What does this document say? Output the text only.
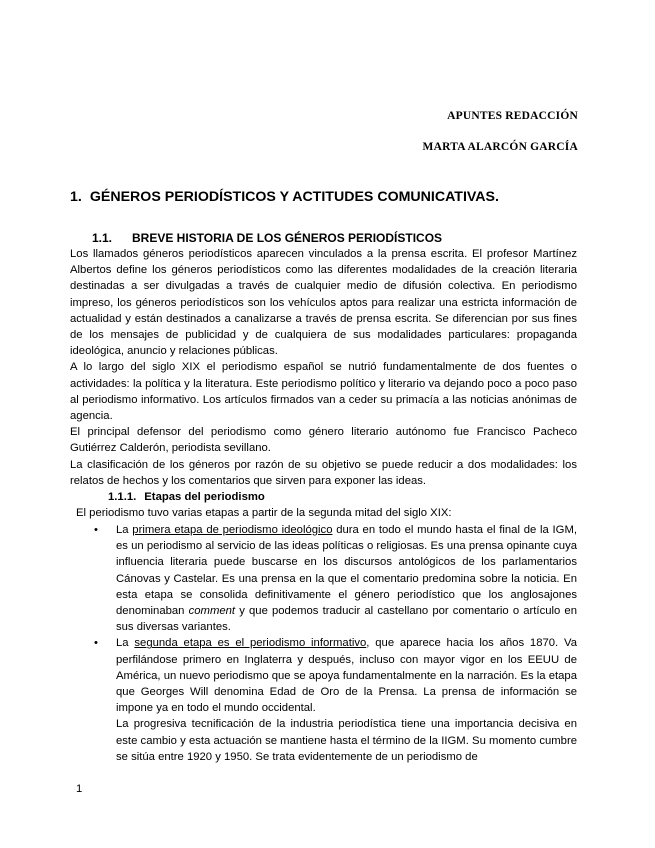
APUNTES REDACCIÓN
MARTA ALARCÓN GARCÍA
1. GÉNEROS PERIODÍSTICOS Y ACTITUDES COMUNICATIVAS.
1.1. BREVE HISTORIA DE LOS GÉNEROS PERIODÍSTICOS

Los llamados géneros periodísticos aparecen vinculados a la prensa escrita. El profesor Martínez Albertos define los géneros periodísticos como las diferentes modalidades de la creación literaria destinadas a ser divulgadas a través de cualquier medio de difusión colectiva. En periodismo impreso, los géneros periodísticos son los vehículos aptos para realizar una estricta información de actualidad y están destinados a canalizarse a través de prensa escrita. Se diferencian por sus fines de los mensajes de publicidad y de cualquiera de sus modalidades particulares: propaganda ideológica, anuncio y relaciones públicas.

A lo largo del siglo XIX el periodismo español se nutrió fundamentalmente de dos fuentes o actividades: la política y la literatura. Este periodismo político y literario va dejando poco a poco paso al periodismo informativo. Los artículos firmados van a ceder su primacía a las noticias anónimas de agencia.

El principal defensor del periodismo como género literario autónomo fue Francisco Pacheco Gutiérrez Calderón, periodista sevillano.

La clasificación de los géneros por razón de su objetivo se puede reducir a dos modalidades: los relatos de hechos y los comentarios que sirven para exponer las ideas.

1.1.1. Etapas del periodismo
El periodismo tuvo varias etapas a partir de la segunda mitad del siglo XIX:
• La primera etapa de periodismo ideológico dura en todo el mundo hasta el final de la IGM, es un periodismo al servicio de las ideas políticas o religiosas. Es una prensa opinante cuya influencia literaria puede buscarse en los discursos antológicos de los parlamentarios Cánovas y Castelar. Es una prensa en la que el comentario predomina sobre la noticia. En esta etapa se consolida definitivamente el género periodístico que los anglosajones denominaban comment y que podemos traducir al castellano por comentario o artículo en sus diversas variantes.
• La segunda etapa es el periodismo informativo, que aparece hacia los años 1870. Va perfilándose primero en Inglaterra y después, incluso con mayor vigor en los EEUU de América, un nuevo periodismo que se apoya fundamentalmente en la narración. Es la etapa que Georges Will denomina Edad de Oro de la Prensa. La prensa de información se impone ya en todo el mundo occidental.
La progresiva tecnificación de la industria periodística tiene una importancia decisiva en este cambio y esta actuación se mantiene hasta el término de la IIGM. Su momento cumbre se sitúa entre 1920 y 1950. Se trata evidentemente de un periodismo de
1
